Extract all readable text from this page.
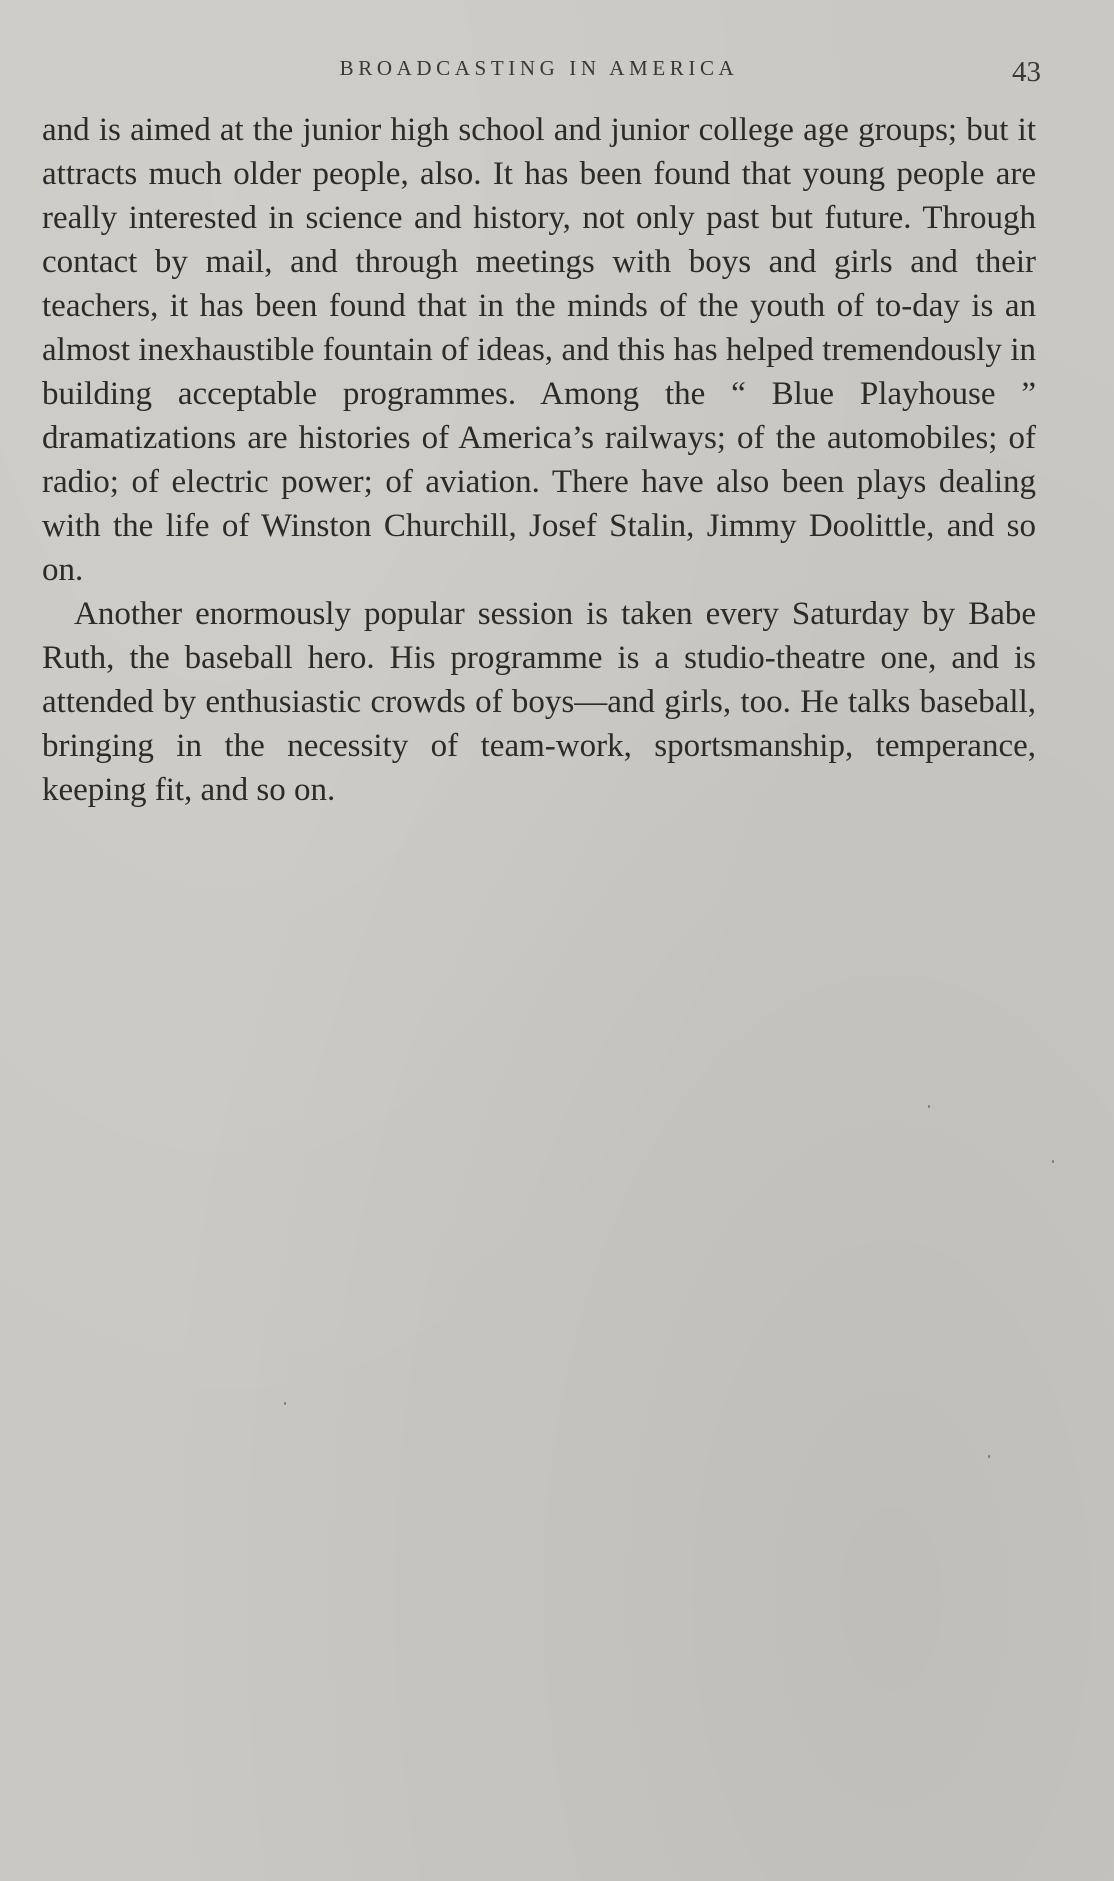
BROADCASTING IN AMERICA	43

and is aimed at the junior high school and junior college age groups; but it attracts much older people, also. It has been found that young people are really interested in science and history, not only past but future. Through contact by mail, and through meetings with boys and girls and their teachers, it has been found that in the minds of the youth of to-day is an almost inexhaustible fountain of ideas, and this has helped tremendously in building acceptable programmes. Among the “ Blue Playhouse ” dramatizations are histories of America’s railways; of the automobiles; of radio; of electric power; of aviation. There have also been plays dealing with the life of Winston Churchill, Josef Stalin, Jimmy Doolittle, and so on.

Another enormously popular session is taken every Saturday by Babe Ruth, the baseball hero. His programme is a studio-theatre one, and is attended by enthusiastic crowds of boys—and girls, too. He talks baseball, bringing in the necessity of team-work, sportsmanship, temperance, keeping fit, and so on.
